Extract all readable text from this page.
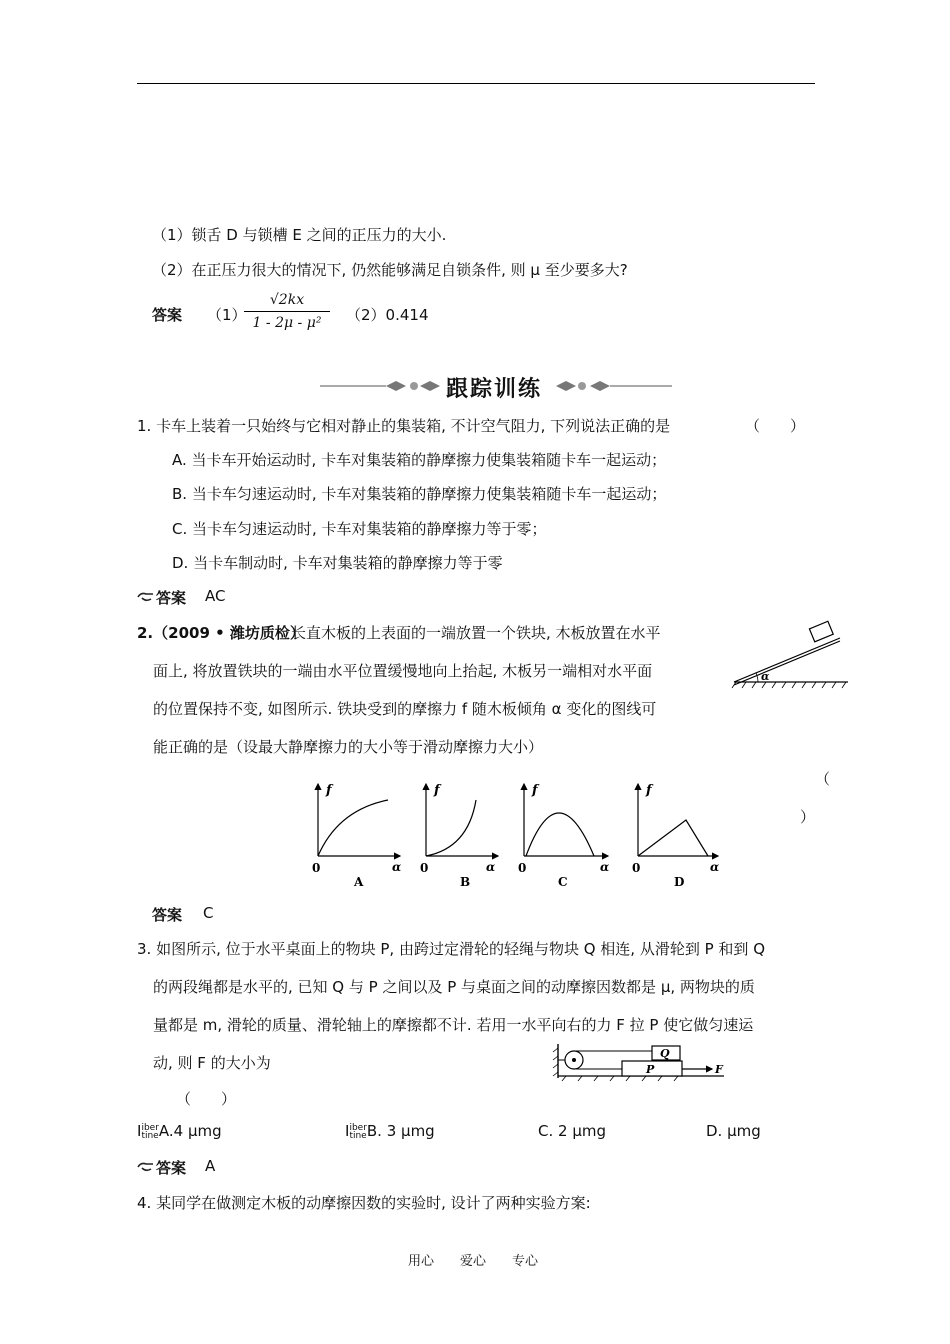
（1）锁舌 D 与锁槽 E 之间的正压力的大小.
（2）在正压力很大的情况下, 仍然能够满足自锁条件, 则 μ 至少要多大?
答案 （1）
$\frac{√2kx}{\text{1 - 2μ - μ²}} (2)0.414$
跟踪训练
1. 卡车上装着一只始终与它相对静止的集装箱, 不计空气阻力, 下列说法正确的是	（　　）
A. 当卡车开始运动时, 卡车对集装箱的静摩擦力使集装箱随卡车一起运动；
B. 当卡车匀速运动时, 卡车对集装箱的静摩擦力使集装箱随卡车一起运动；
C. 当卡车匀速运动时, 卡车对集装箱的静摩擦力等于零；
D. 当卡车制动时, 卡车对集装箱的静摩擦力等于零
答案 AC
2.（2009 • 潍坊质检）
长直木板的上表面的一端放置一个铁块, 木板放置在水平
面上, 将放置铁块的一端由水平位置缓慢地向上抬起, 木板另一端相对水平面
的位置保持不变, 如图所示. 铁块受到的摩擦力 f 随木板倾角 α 变化的图线可
能正确的是（设最大静摩擦力的大小等于滑动摩擦力大小）
（
）
α
f
0	α
A
f
0	α
B
f
0	α
C
f
0	α
D
答案 C
3. 如图所示, 位于水平桌面上的物块 P, 由跨过定滑轮的轻绳与物块 Q 相连, 从滑轮到 P 和到 Q
的两段绳都是水平的, 已知 Q 与 P 之间以及 P 与桌面之间的动摩擦因数都是 μ, 两物块的质
量都是 m, 滑轮的质量、滑轮轴上的摩擦都不计. 若用一水平向右的力 F 拉 P 使它做匀速运
动, 则 F 的大小为
Q
P	F
（　　）
Iiber
tineA.4 μmg	Iiber
tineB. 3 μmg	C. 2 μmg	D. μmg
答案 A
4. 某同学在做测定木板的动摩擦因数的实验时, 设计了两种实验方案:
用心　　爱心　　专心
